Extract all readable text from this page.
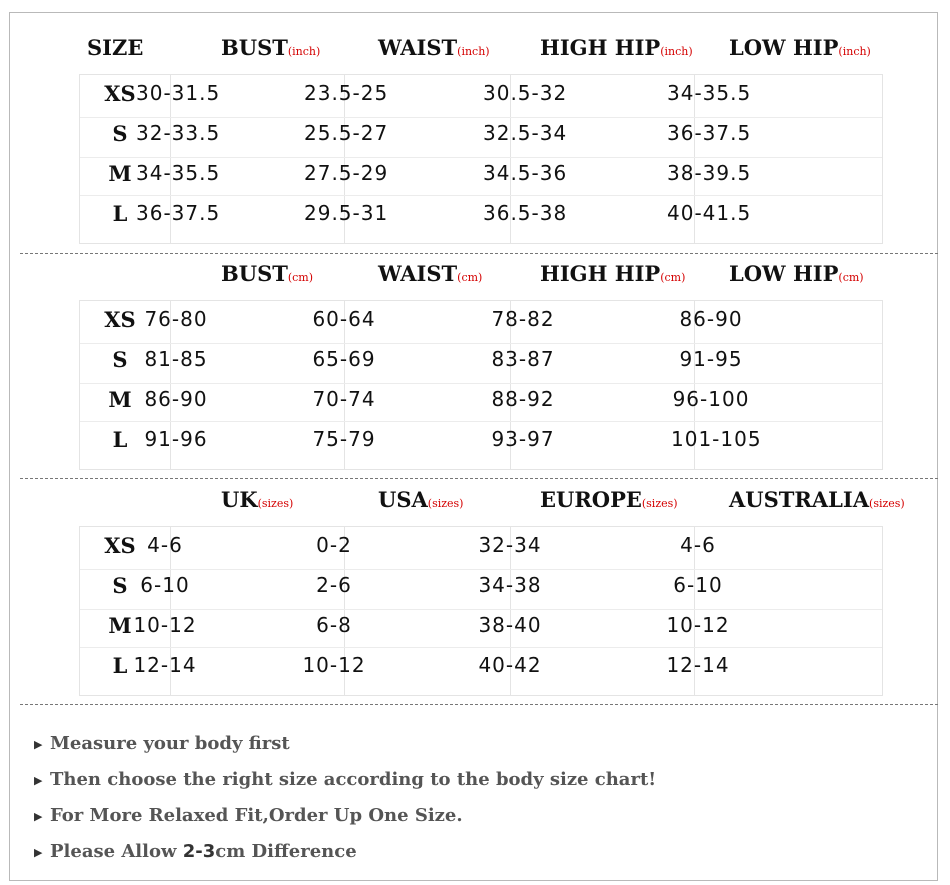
SIZE	BUST(inch)	WAIST(inch) HIGH HIP(inch) LOW HIP(inch)
XS 30-31.5	23.5-25	30.5-32	34-35.5
S 32-33.5	25.5-27	32.5-34	36-37.5
M 34-35.5	27.5-29	34.5-36	38-39.5
L 36-37.5	29.5-31	36.5-38	40-41.5
BUST(cm)	WAIST(cm)	HIGH HIP(cm) LOW HIP(cm)
XS 76-80	60-64	78-82	86-90
S 81-85	65-69	83-87	91-95
M 86-90	70-74	88-92	96-100
L 91-96	75-79	93-97	101-105
UK(sizes)	USA(sizes)	EUROPE(sizes) AUSTRALIA(sizes)
XS 4-6	0-2	32-34	4-6
S 6-10	2-6	34-38	6-10
M 10-12	6-8	38-40	10-12
L 12-14	10-12	40-42	12-14
▶ Measure your body first
▶ Then choose the right size according to the body size chart!
▶ For More Relaxed Fit,Order Up One Size.
▶ Please Allow 2-3cm Difference
